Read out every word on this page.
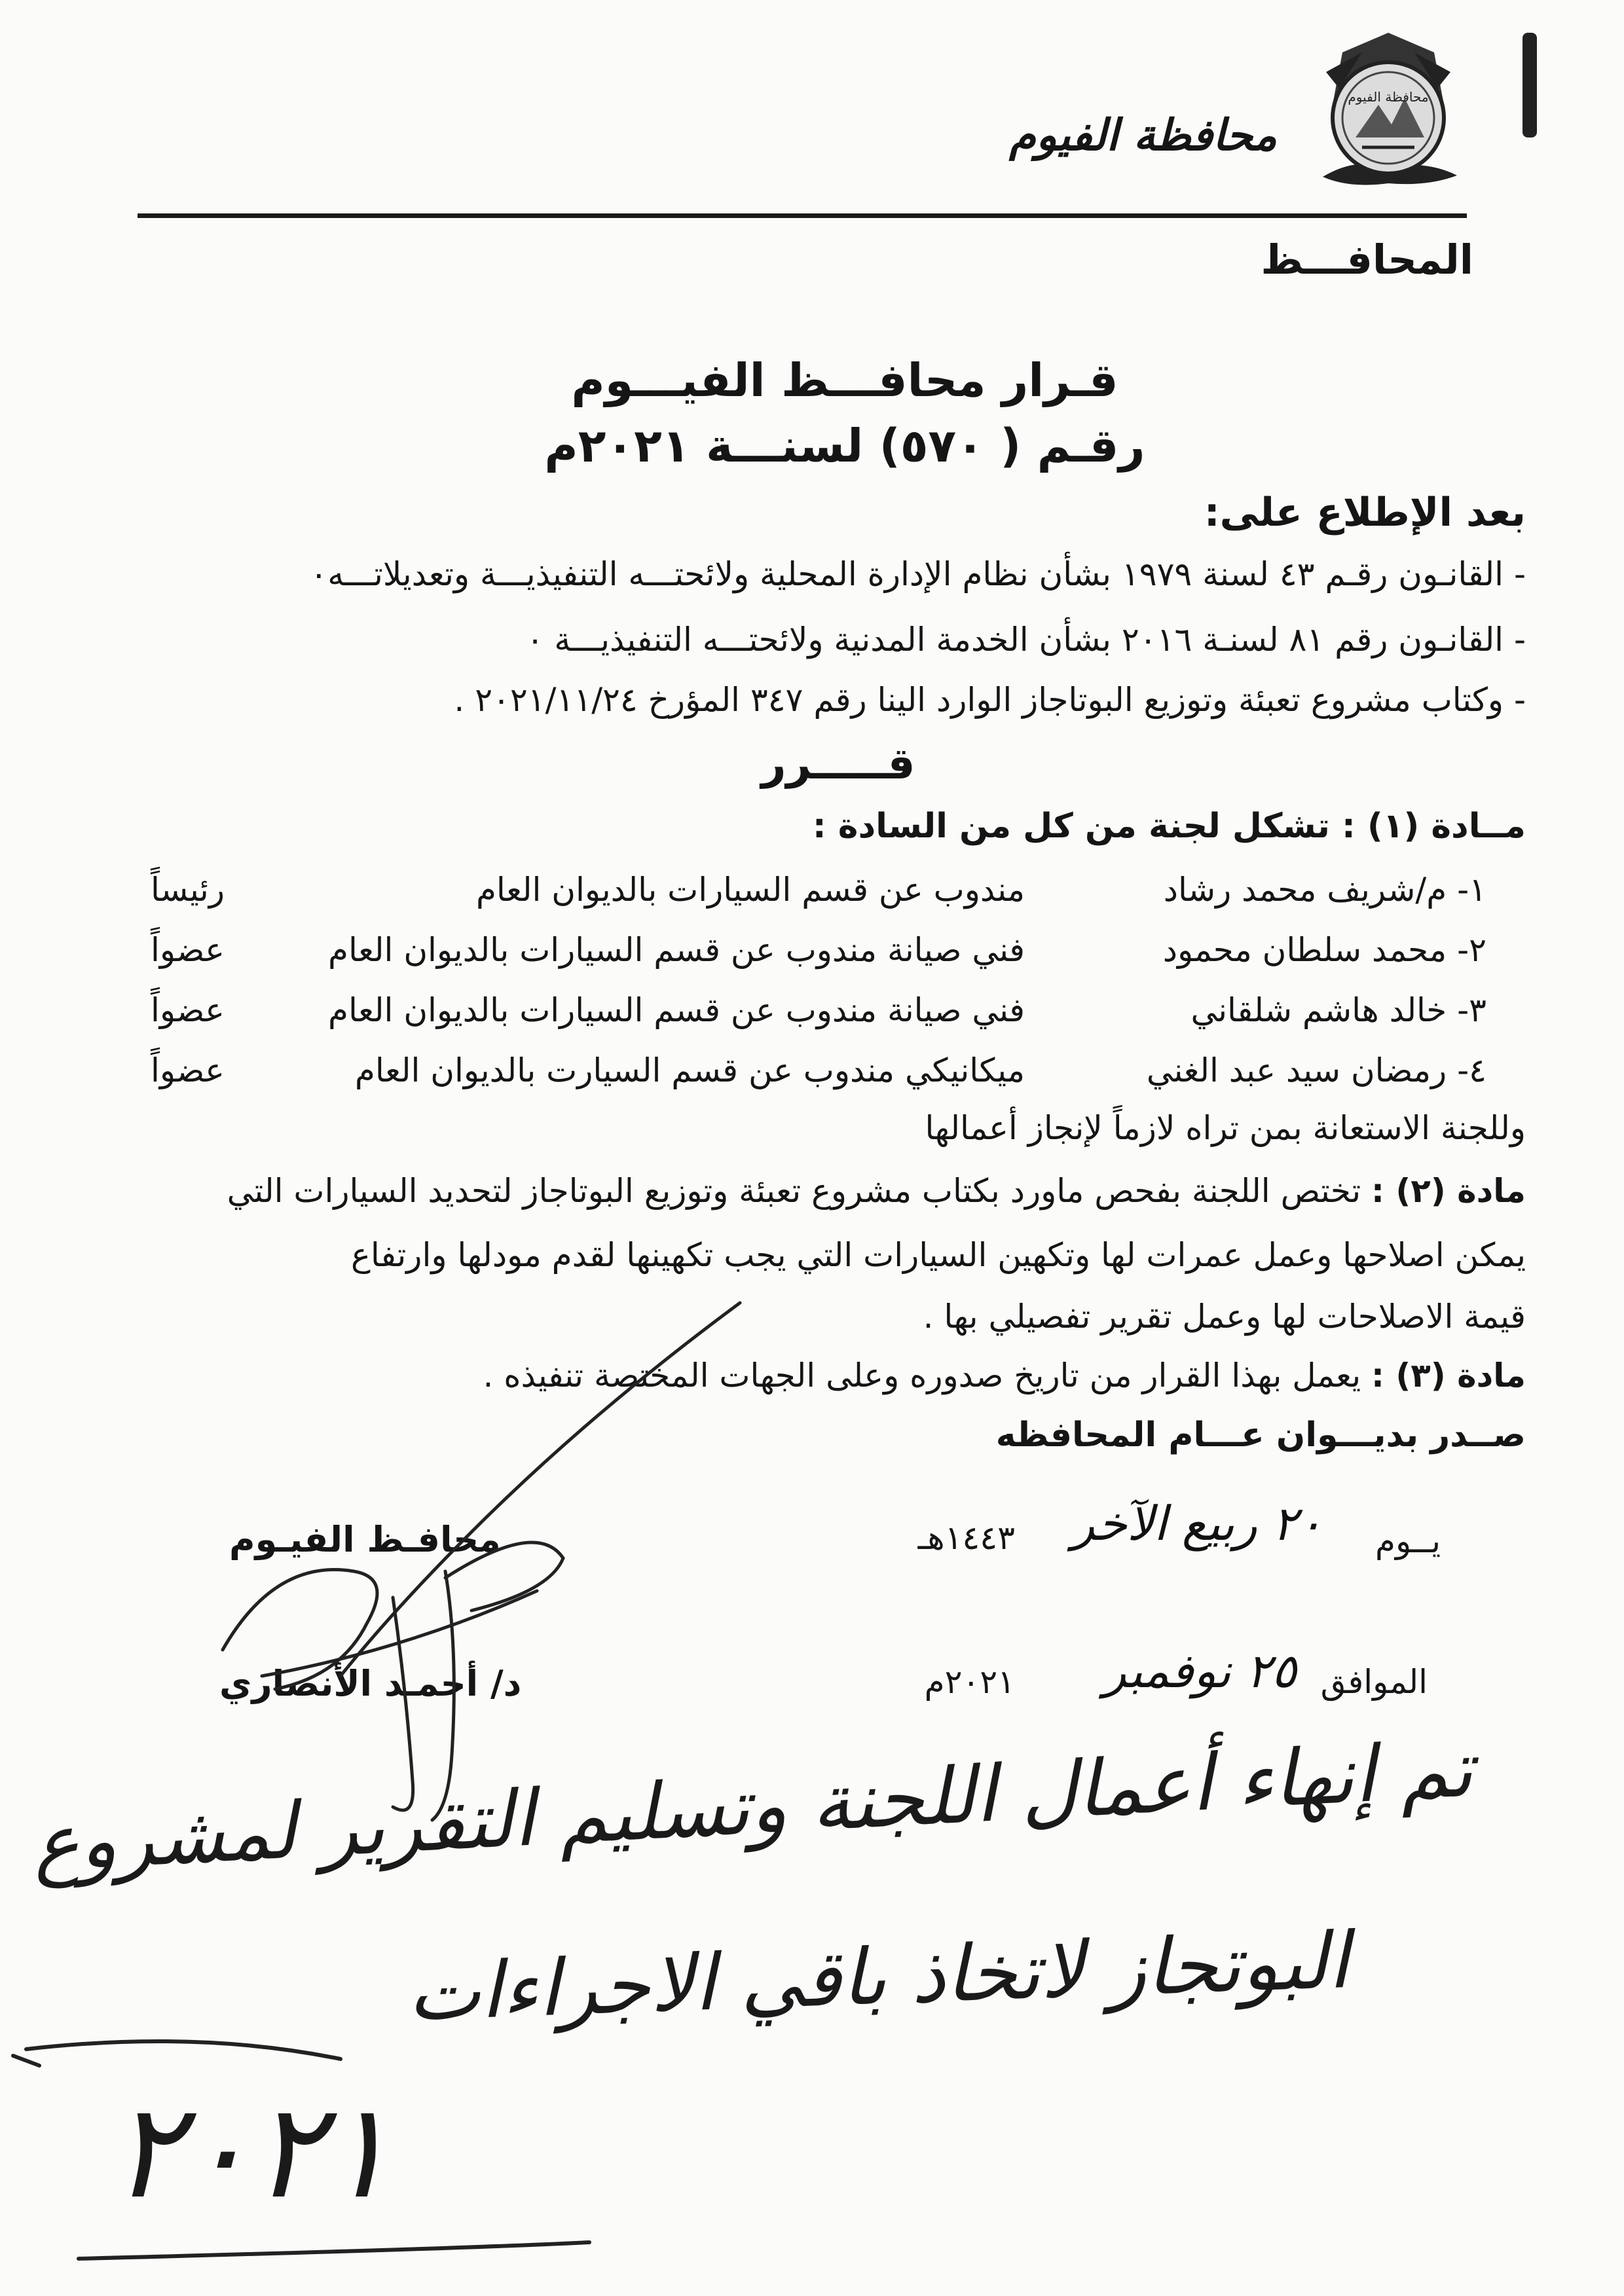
محافظة الفيوم
محافظة الفيوم
المحافـــظ
قـرار محافـــظ الفيـــوم
رقـم ( ٥٧٠) لسنـــة ٢٠٢١م
بعد الإطلاع على:
- القانـون رقـم ٤٣ لسنة ١٩٧٩ بشأن نظام الإدارة المحلية ولائحتـــه التنفيذيـــة وتعديلاتـــه٠
- القانـون رقم ٨١ لسنـة ٢٠١٦ بشأن الخدمة المدنية ولائحتـــه التنفيذيـــة ٠
- وكتاب مشروع تعبئة وتوزيع البوتاجاز الوارد الينا رقم ٣٤٧ المؤرخ ٢٠٢١/١١/٢٤ .
قـــــرر
مــادة (١) : تشكل لجنة من كل من السادة :
١- م/شريف محمد رشاد
مندوب عن قسم السيارات بالديوان العام
رئيساً
٢- محمد سلطان محمود
فني صيانة مندوب عن قسم السيارات بالديوان العام
عضواً
٣- خالد هاشم شلقاني
فني صيانة مندوب عن قسم السيارات بالديوان العام
عضواً
٤- رمضان سيد عبد الغني
ميكانيكي مندوب عن قسم السيارت بالديوان العام
عضواً
وللجنة الاستعانة بمن تراه لازماً لإنجاز أعمالها
مادة (٢) : تختص اللجنة بفحص ماورد بكتاب مشروع تعبئة وتوزيع البوتاجاز لتحديد السيارات التي
يمكن اصلاحها وعمل عمرات لها وتكهين السيارات التي يجب تكهينها لقدم مودلها وارتفاع
قيمة الاصلاحات لها وعمل تقرير تفصيلي بها .
مادة (٣) : يعمل بهذا القرار من تاريخ صدوره وعلى الجهات المختصة تنفيذه .
صــدر بديـــوان عـــام المحافظه
يــوم
٢٠ ربيع الآخر
١٤٤٣هـ
الموافق
٢٥ نوفمبر
٢٠٢١م
محافـظ الفيـوم
د/ أحمـد الأنصاري
تم إنهاء أعمال اللجنة وتسليم التقرير لمشروع
البوتجاز لاتخاذ باقي الاجراءات
٢٠٢١
